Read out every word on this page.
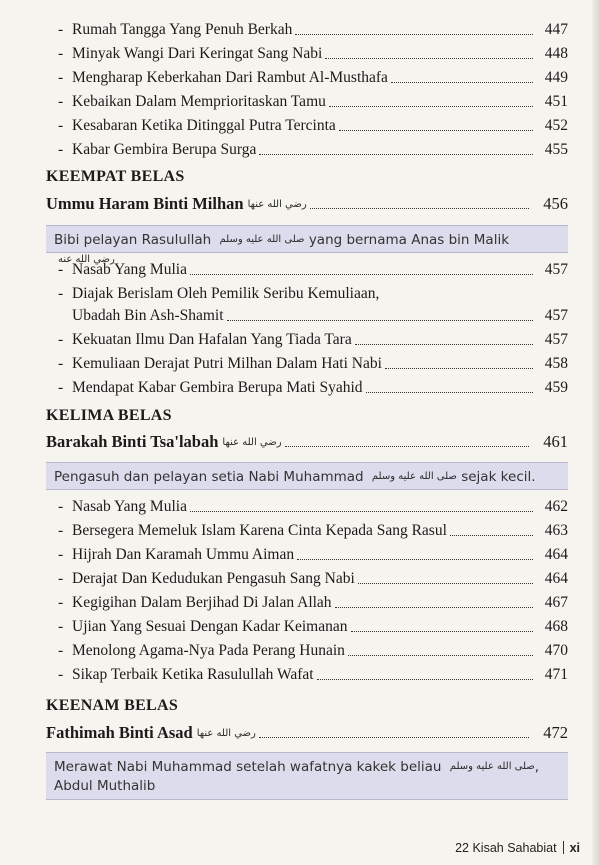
- Rumah Tangga Yang Penuh Berkah	447
- Minyak Wangi Dari Keringat Sang Nabi	448
- Mengharap Keberkahan Dari Rambut Al-Musthafa	449
- Kebaikan Dalam Memprioritaskan Tamu	451
- Kesabaran Ketika Ditinggal Putra Tercinta	452
- Kabar Gembira Berupa Surga	455
KEEMPAT BELAS
Ummu Haram Binti Milhan رضي الله عنها	456
Bibi pelayan Rasulullah صلى الله عليه وسلم yang bernama Anas bin Malik رضي الله عنه
- Nasab Yang Mulia	457
- Diajak Berislam Oleh Pemilik Seribu Kemuliaan,
Ubadah Bin Ash-Shamit	457
- Kekuatan Ilmu Dan Hafalan Yang Tiada Tara	457
- Kemuliaan Derajat Putri Milhan Dalam Hati Nabi	458
- Mendapat Kabar Gembira Berupa Mati Syahid	459
KELIMA BELAS
Barakah Binti Tsa'labah رضي الله عنها	461
Pengasuh dan pelayan setia Nabi Muhammad صلى الله عليه وسلم sejak kecil.
- Nasab Yang Mulia	462
- Bersegera Memeluk Islam Karena Cinta Kepada Sang Rasul	463
- Hijrah Dan Karamah Ummu Aiman	464
- Derajat Dan Kedudukan Pengasuh Sang Nabi	464
- Kegigihan Dalam Berjihad Di Jalan Allah	467
- Ujian Yang Sesuai Dengan Kadar Keimanan	468
- Menolong Agama-Nya Pada Perang Hunain	470
- Sikap Terbaik Ketika Rasulullah Wafat	471
KEENAM BELAS
Fathimah Binti Asad رضي الله عنها	472
Merawat Nabi Muhammad setelah wafatnya kakek beliau صلى الله عليه وسلم,
Abdul Muthalib
22 Kisah Sahabiat xi
